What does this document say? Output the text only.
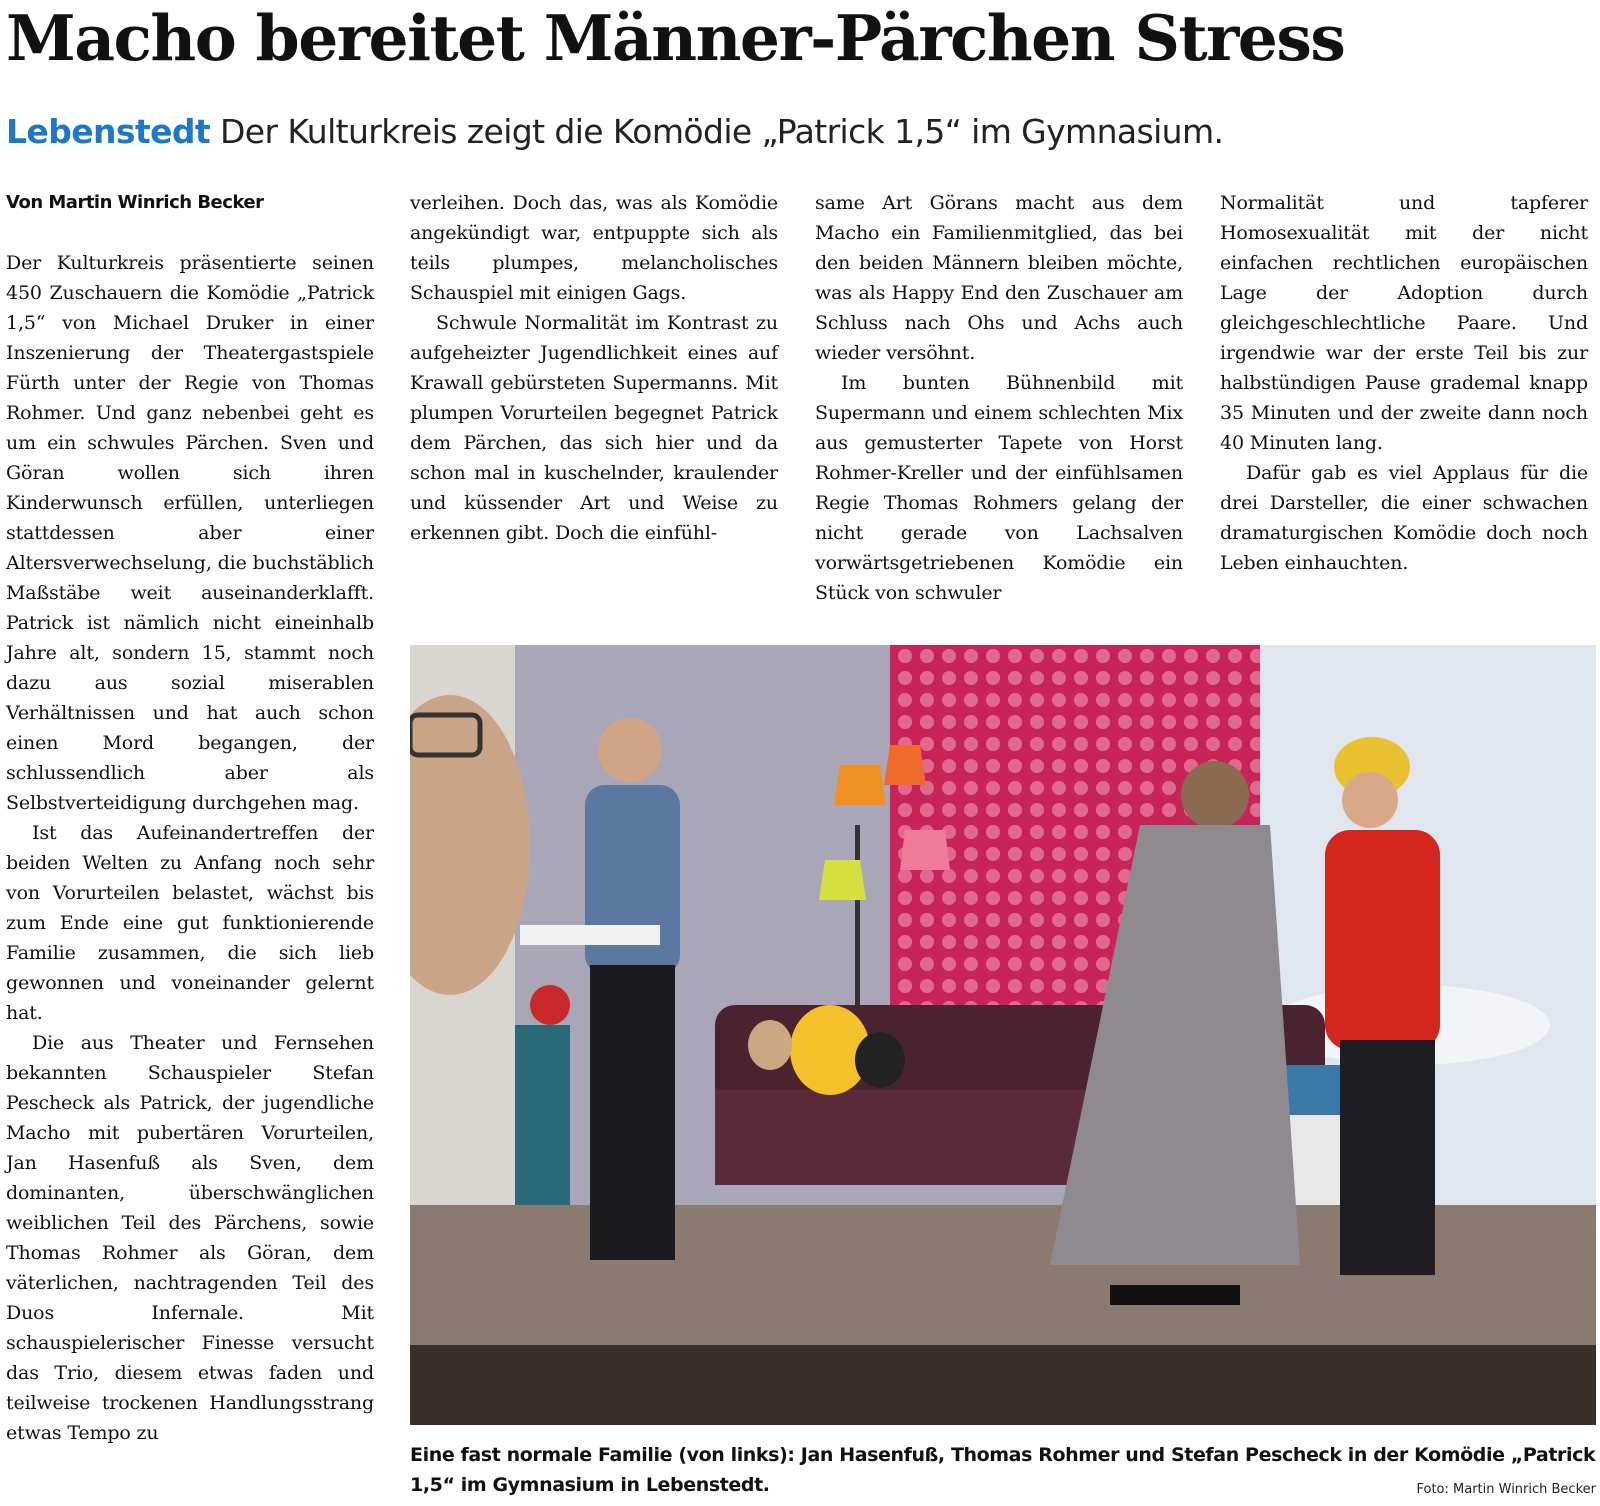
Macho bereitet Männer-Pärchen Stress
Lebenstedt Der Kulturkreis zeigt die Komödie „Patrick 1,5“ im Gymnasium.

Von Martin Winrich Becker

Der Kulturkreis präsentierte seinen 450 Zuschauern die Komödie „Patrick 1,5“ von Michael Druker in einer Inszenierung der Theatergastspiele Fürth unter der Regie von Thomas Rohmer. Und ganz nebenbei geht es um ein schwules Pärchen. Sven und Göran wollen sich ihren Kinderwunsch erfüllen, unterliegen stattdessen aber einer Altersverwechselung, die buchstäblich Maßstäbe weit auseinanderklafft. Patrick ist nämlich nicht eineinhalb Jahre alt, sondern 15, stammt noch dazu aus sozial miserablen Verhältnissen und hat auch schon einen Mord begangen, der schlussendlich aber als Selbstverteidigung durchgehen mag.

Ist das Aufeinandertreffen der beiden Welten zu Anfang noch sehr von Vorurteilen belastet, wächst bis zum Ende eine gut funktionierende Familie zusammen, die sich lieb gewonnen und voneinander gelernt hat.

Die aus Theater und Fernsehen bekannten Schauspieler Stefan Pescheck als Patrick, der jugendliche Macho mit pubertären Vorurteilen, Jan Hasenfuß als Sven, dem dominanten, überschwänglichen weiblichen Teil des Pärchens, sowie Thomas Rohmer als Göran, dem väterlichen, nachtragenden Teil des Duos Infernale. Mit schauspielerischer Finesse versucht das Trio, diesem etwas faden und teilweise trockenen Handlungsstrang etwas Tempo zu

verleihen. Doch das, was als Komödie angekündigt war, entpuppte sich als teils plumpes, melancholisches Schauspiel mit einigen Gags.

Schwule Normalität im Kontrast zu aufgeheizter Jugendlichkeit eines auf Krawall gebürsteten Supermanns. Mit plumpen Vorurteilen begegnet Patrick dem Pärchen, das sich hier und da schon mal in kuschelnder, kraulender und küssender Art und Weise zu erkennen gibt. Doch die einfühl-

same Art Görans macht aus dem Macho ein Familienmitglied, das bei den beiden Männern bleiben möchte, was als Happy End den Zuschauer am Schluss nach Ohs und Achs auch wieder versöhnt.

Im bunten Bühnenbild mit Supermann und einem schlechten Mix aus gemusterter Tapete von Horst Rohmer-Kreller und der einfühlsamen Regie Thomas Rohmers gelang der nicht gerade von Lachsalven vorwärtsgetriebenen Komödie ein Stück von schwuler

Normalität und tapferer Homosexualität mit der nicht einfachen rechtlichen europäischen Lage der Adoption durch gleichgeschlechtliche Paare. Und irgendwie war der erste Teil bis zur halbstündigen Pause grademal knapp 35 Minuten und der zweite dann noch 40 Minuten lang.

Dafür gab es viel Applaus für die drei Darsteller, die einer schwachen dramaturgischen Komödie doch noch Leben einhauchten.

Eine fast normale Familie (von links): Jan Hasenfuß, Thomas Rohmer und Stefan Pescheck in der Komödie „Patrick 1,5“ im Gymnasium in Lebenstedt.	Foto: Martin Winrich Becker
